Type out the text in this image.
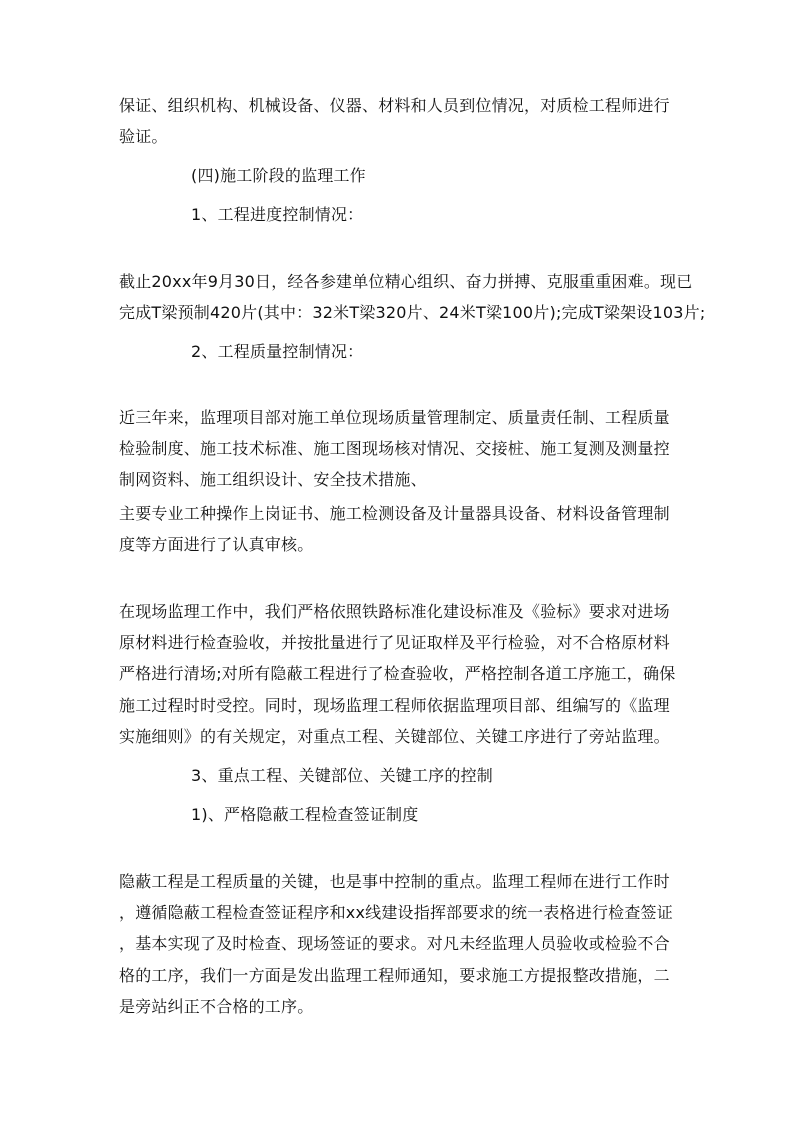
保证、组织机构、机械设备、仪器、材料和人员到位情况，对质检工程师进行
验证。
(四)施工阶段的监理工作
1、工程进度控制情况：
截止20xx年9月30日，经各参建单位精心组织、奋力拼搏、克服重重困难。现已
完成T梁预制420片(其中：32米T梁320片、24米T梁100片);完成T梁架设103片;
2、工程质量控制情况：
近三年来，监理项目部对施工单位现场质量管理制定、质量责任制、工程质量
检验制度、施工技术标准、施工图现场核对情况、交接桩、施工复测及测量控
制网资料、施工组织设计、安全技术措施、
主要专业工种操作上岗证书、施工检测设备及计量器具设备、材料设备管理制
度等方面进行了认真审核。
在现场监理工作中，我们严格依照铁路标准化建设标准及《验标》要求对进场
原材料进行检查验收，并按批量进行了见证取样及平行检验，对不合格原材料
严格进行清场;对所有隐蔽工程进行了检查验收，严格控制各道工序施工，确保
施工过程时时受控。同时，现场监理工程师依据监理项目部、组编写的《监理
实施细则》的有关规定，对重点工程、关键部位、关键工序进行了旁站监理。
3、重点工程、关键部位、关键工序的控制
1)、严格隐蔽工程检查签证制度
隐蔽工程是工程质量的关键，也是事中控制的重点。监理工程师在进行工作时
，遵循隐蔽工程检查签证程序和xx线建设指挥部要求的统一表格进行检查签证
，基本实现了及时检查、现场签证的要求。对凡未经监理人员验收或检验不合
格的工序，我们一方面是发出监理工程师通知，要求施工方提报整改措施，二
是旁站纠正不合格的工序。
